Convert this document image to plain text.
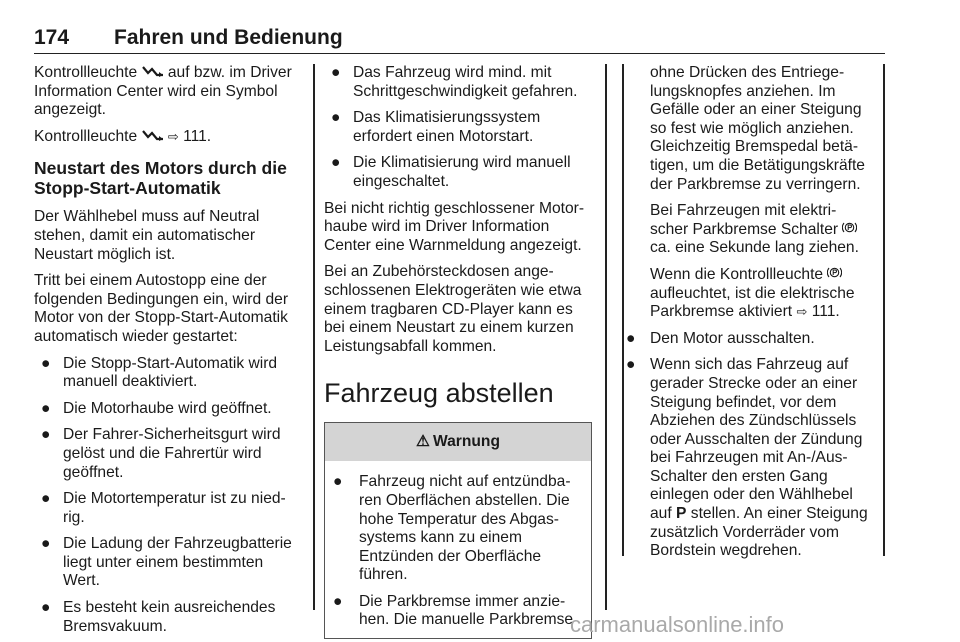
174 Fahren und Bedienung

Kontrollleuchte auf bzw. im Driver Information Center wird ein Symbol angezeigt.

Kontrollleuchte ⇨ 111.

Neustart des Motors durch die Stopp-Start-Automatik

Der Wählhebel muss auf Neutral stehen, damit ein automatischer Neustart möglich ist.

Tritt bei einem Autostopp eine der folgenden Bedingungen ein, wird der Motor von der Stopp-Start-Automatik automatisch wieder gestartet:

● Die Stopp-Start-Automatik wird manuell deaktiviert.
● Die Motorhaube wird geöffnet.
● Der Fahrer-Sicherheitsgurt wird gelöst und die Fahrertür wird geöffnet.
● Die Motortemperatur ist zu nied- rig.
● Die Ladung der Fahrzeugbatterie liegt unter einem bestimmten Wert.
● Es besteht kein ausreichendes Bremsvakuum.
● Das Fahrzeug wird mind. mit Schrittgeschwindigkeit gefahren.
● Das Klimatisierungssystem erfordert einen Motorstart.
● Die Klimatisierung wird manuell eingeschaltet.

Bei nicht richtig geschlossener Motor- haube wird im Driver Information Center eine Warnmeldung angezeigt.

Bei an Zubehörsteckdosen ange- schlossenen Elektrogeräten wie etwa einem tragbaren CD-Player kann es bei einem Neustart zu einem kurzen Leistungsabfall kommen.

Fahrzeug abstellen
⚠ Warnung
● Fahrzeug nicht auf entzündba- ren Oberflächen abstellen. Die hohe Temperatur des Abgas- systems kann zu einem Entzünden der Oberfläche führen.
● Die Parkbremse immer anzie- hen. Die manuelle Parkbremse

ohne Drücken des Entriege- lungsknopfes anziehen. Im Gefälle oder an einer Steigung so fest wie möglich anziehen. Gleichzeitig Bremspedal betä- tigen, um die Betätigungskräfte der Parkbremse zu verringern.

Bei Fahrzeugen mit elektri- scher Parkbremse Schalter  ca. eine Sekunde lang ziehen.

Wenn die Kontrollleuchte  aufleuchtet, ist die elektrische Parkbremse aktiviert ⇨ 111.

● Den Motor ausschalten.
● Wenn sich das Fahrzeug auf gerader Strecke oder an einer Steigung befindet, vor dem Abziehen des Zündschlüssels oder Ausschalten der Zündung bei Fahrzeugen mit An-/Aus- Schalter den ersten Gang einlegen oder den Wählhebel auf P stellen. An einer Steigung zusätzlich Vorderräder vom Bordstein wegdrehen.
carmanualsonline.info
